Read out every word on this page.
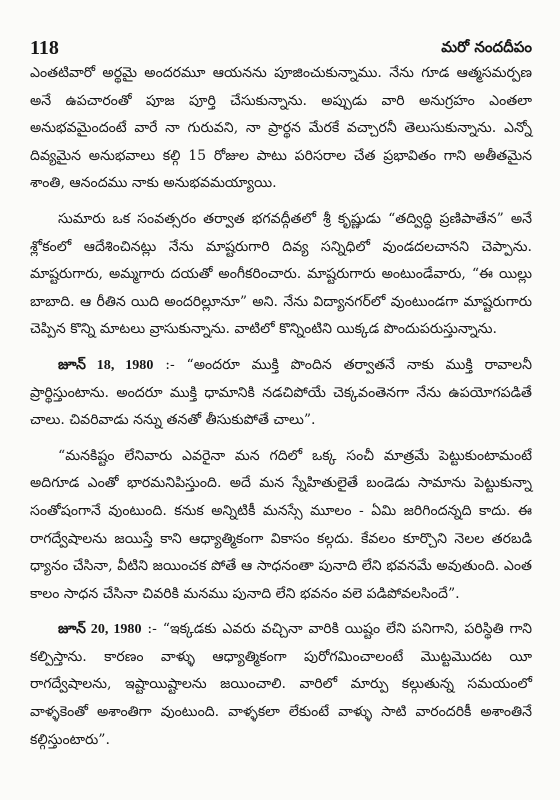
118	మరో నందదీపం

ఎంతటివారో అర్థమై అందరమూ ఆయనను పూజించుకున్నాము. నేను గూడ ఆత్మసమర్పణ అనే ఉపచారంతో పూజ పూర్తి చేసుకున్నాను. అప్పుడు వారి అనుగ్రహం ఎంతలా అనుభవమైందంటే వారే నా గురువని, నా ప్రార్థన మేరకే వచ్చారనీ తెలుసుకున్నాను. ఎన్నో దివ్యమైన అనుభవాలు కల్గి 15 రోజుల పాటు పరిసరాల చేత ప్రభావితం గాని అతీతమైన శాంతి, ఆనందము నాకు అనుభవమయ్యాయి.

సుమారు ఒక సంవత్సరం తర్వాత భగవద్గీతలో శ్రీ కృష్ణుడు “తద్విద్ధి ప్రణిపాతేన” అనే శ్లోకంలో ఆదేశించినట్లు నేను మాష్టరుగారి దివ్య సన్నిధిలో వుండదలచానని చెప్పాను. మాష్టరుగారు, అమ్మగారు దయతో అంగీకరించారు. మాష్టరుగారు అంటుండేవారు, “ఈ యిల్లు బాబాది. ఆ రీతిన యిది అందరిల్లూనూ” అని. నేను విద్యానగర్‌లో వుంటుండగా మాష్టరుగారు చెప్పిన కొన్ని మాటలు వ్రాసుకున్నాను. వాటిలో కొన్నింటిని యిక్కడ పొందుపరుస్తున్నాను.

జూన్ 18, 1980 :- “అందరూ ముక్తి పొందిన తర్వాతనే నాకు ముక్తి రావాలనీ ప్రార్థిస్తుంటాను. అందరూ ముక్తి ధామానికి నడచిపోయే చెక్కవంతెనగా నేను ఉపయోగపడితే చాలు. చివరివాడు నన్ను తనతో తీసుకుపోతే చాలు”.

“మనకిష్టం లేనివారు ఎవరైనా మన గదిలో ఒక్క సంచీ మాత్రమే పెట్టుకుంటామంటే అదిగూడ ఎంతో భారమనిపిస్తుంది. అదే మన స్నేహితులైతే బండెడు సామాను పెట్టుకున్నా సంతోషంగానే వుంటుంది. కనుక అన్నిటికీ మనస్సే మూలం - ఏమి జరిగిందన్నది కాదు. ఈ రాగద్వేషాలను జయిస్తే కాని ఆధ్యాత్మికంగా వికాసం కల్గదు. కేవలం కూర్చొని నెలల తరబడి ధ్యానం చేసినా, వీటిని జయించక పోతే ఆ సాధనంతా పునాది లేని భవనమే అవుతుంది. ఎంత కాలం సాధన చేసినా చివరికి మనము పునాది లేని భవనం వలె పడిపోవలసిందే”.

జూన్ 20, 1980 :- “ఇక్కడకు ఎవరు వచ్చినా వారికి యిష్టం లేని పనిగాని, పరిస్థితి గాని కల్పిస్తాను. కారణం వాళ్ళు ఆధ్యాత్మికంగా పురోగమించాలంటే మొట్టమొదట యీ రాగద్వేషాలను, ఇష్టాయిష్టాలను జయించాలి. వారిలో మార్పు కల్గుతున్న సమయంలో వాళ్ళకెంతో అశాంతిగా వుంటుంది. వాళ్ళకలా లేకుంటే వాళ్ళు సాటి వారందరికీ అశాంతినే కల్గిస్తుంటారు”.
